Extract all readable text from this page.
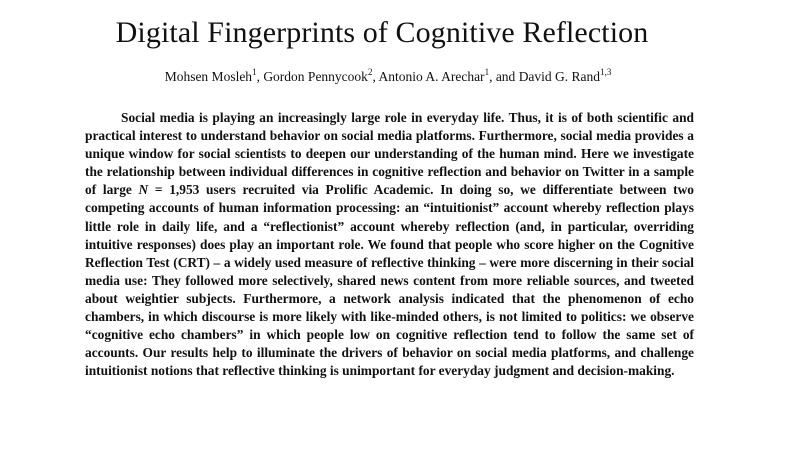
Digital Fingerprints of Cognitive Reflection

Mohsen Mosleh$^1$, Gordon Pennycook$^2$, Antonio A. Arechar$^1$, and David G. Rand$^{1,3}$

Social media is playing an increasingly large role in everyday life. Thus, it is of both scientific and practical interest to understand behavior on social media platforms. Furthermore, social media provides a unique window for social scientists to deepen our understanding of the human mind. Here we investigate the relationship between individual differences in cognitive reflection and behavior on Twitter in a sample of large N = 1,953 users recruited via Prolific Academic. In doing so, we differentiate between two competing accounts of human information processing: an “intuitionist” account whereby reflection plays little role in daily life, and a “reflectionist” account whereby reflection (and, in particular, overriding intuitive responses) does play an important role. We found that people who score higher on the Cognitive Reflection Test (CRT) – a widely used measure of reflective thinking – were more discerning in their social media use: They followed more selectively, shared news content from more reliable sources, and tweeted about weightier subjects. Furthermore, a network analysis indicated that the phenomenon of echo chambers, in which discourse is more likely with like-minded others, is not limited to politics: we observe “cognitive echo chambers” in which people low on cognitive reflection tend to follow the same set of accounts. Our results help to illuminate the drivers of behavior on social media platforms, and challenge intuitionist notions that reflective thinking is unimportant for everyday judgment and decision-making.
